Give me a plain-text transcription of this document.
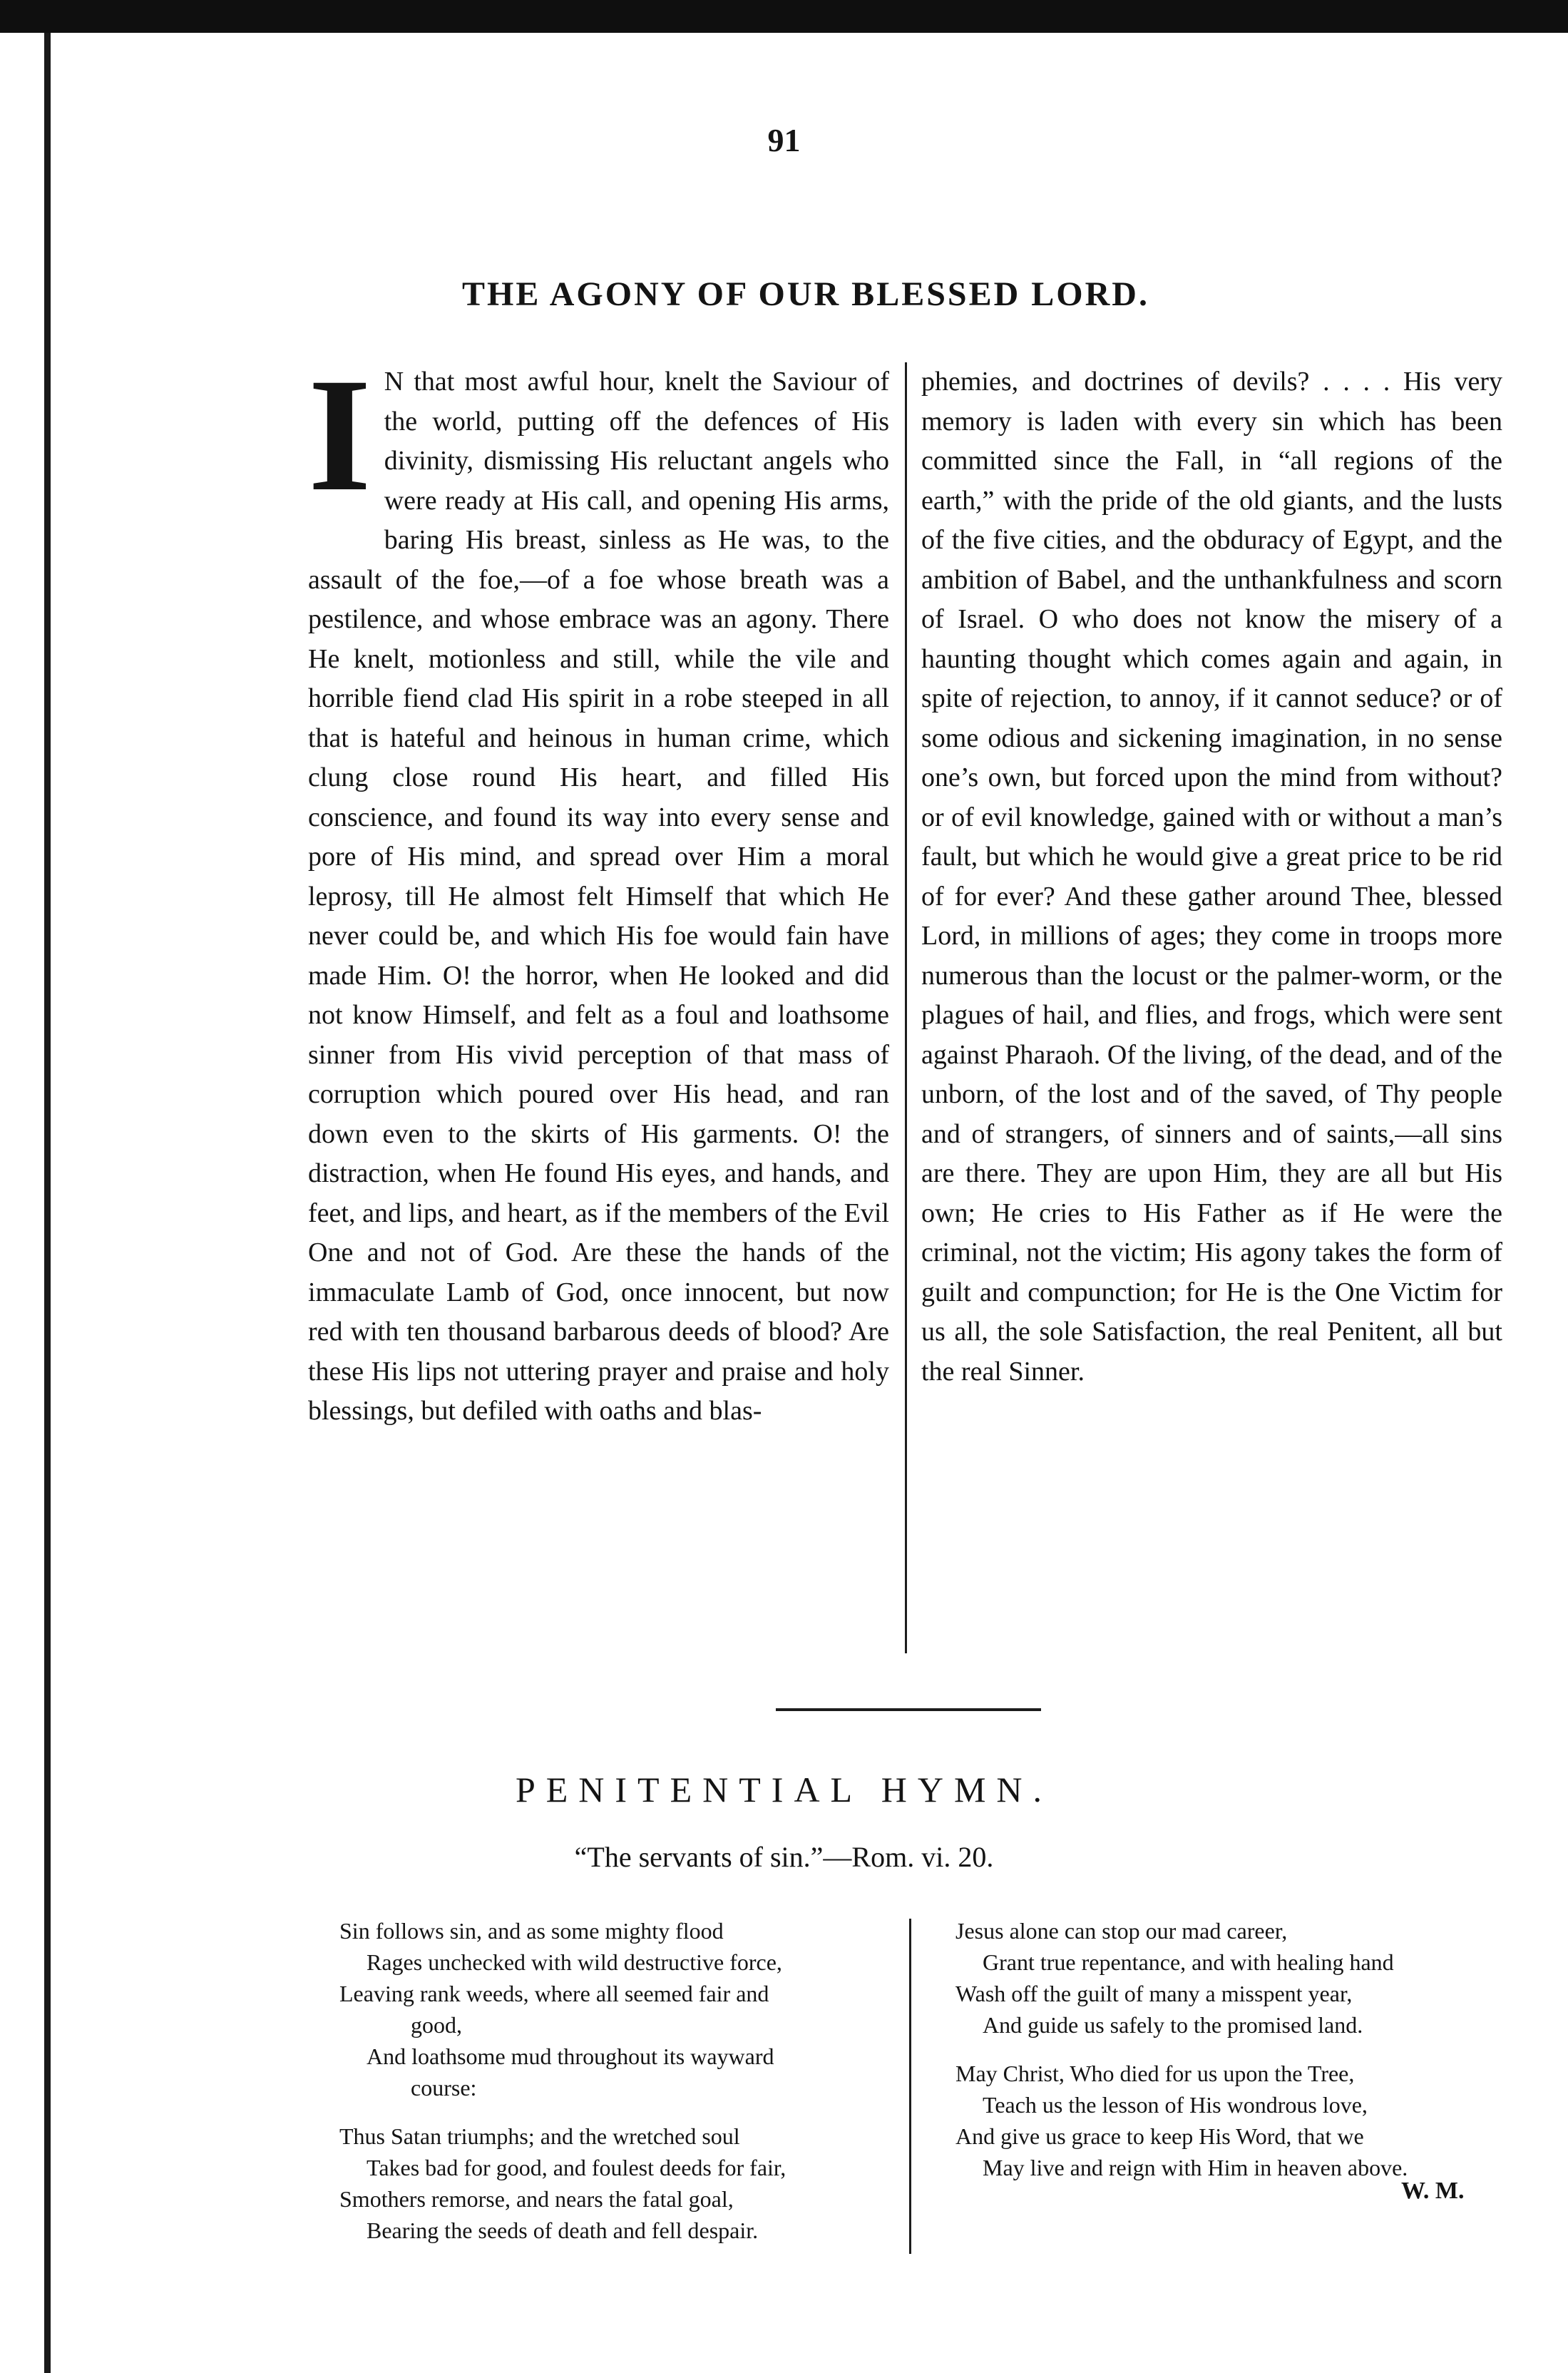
91
THE AGONY OF OUR BLESSED LORD.

I N that most awful hour, knelt the Saviour of the world, putting off the defences of His divinity, dismissing His reluctant angels who were ready at His call, and opening His arms, baring His breast, sinless as He was, to the assault of the foe,—of a foe whose breath was a pestilence, and whose embrace was an agony. There He knelt, motionless and still, while the vile and horrible fiend clad His spirit in a robe steeped in all that is hateful and heinous in human crime, which clung close round His heart, and filled His conscience, and found its way into every sense and pore of His mind, and spread over Him a moral leprosy, till He almost felt Himself that which He never could be, and which His foe would fain have made Him. O! the horror, when He looked and did not know Himself, and felt as a foul and loathsome sinner from His vivid perception of that mass of corruption which poured over His head, and ran down even to the skirts of His garments. O! the distraction, when He found His eyes, and hands, and feet, and lips, and heart, as if the members of the Evil One and not of God. Are these the hands of the immaculate Lamb of God, once innocent, but now red with ten thousand barbarous deeds of blood? Are these His lips not uttering prayer and praise and holy blessings, but defiled with oaths and blas-

phemies, and doctrines of devils? . . . . His very memory is laden with every sin which has been committed since the Fall, in “all regions of the earth,” with the pride of the old giants, and the lusts of the five cities, and the obduracy of Egypt, and the ambition of Babel, and the unthankfulness and scorn of Israel. O who does not know the misery of a haunting thought which comes again and again, in spite of rejection, to annoy, if it cannot seduce? or of some odious and sickening imagination, in no sense one’s own, but forced upon the mind from without? or of evil knowledge, gained with or without a man’s fault, but which he would give a great price to be rid of for ever? And these gather around Thee, blessed Lord, in millions of ages; they come in troops more numerous than the locust or the palmer-worm, or the plagues of hail, and flies, and frogs, which were sent against Pharaoh. Of the living, of the dead, and of the unborn, of the lost and of the saved, of Thy people and of strangers, of sinners and of saints,—all sins are there. They are upon Him, they are all but His own; He cries to His Father as if He were the criminal, not the victim; His agony takes the form of guilt and compunction; for He is the One Victim for us all, the sole Satisfaction, the real Penitent, all but the real Sinner.

PENITENTIAL HYMN.
“The servants of sin.”—Rom. vi. 20.
Sin follows sin, and as some mighty flood
Rages unchecked with wild destructive force,
Leaving rank weeds, where all seemed fair and
good,
And loathsome mud throughout its wayward
course:
Thus Satan triumphs; and the wretched soul
Takes bad for good, and foulest deeds for fair,
Smothers remorse, and nears the fatal goal,
Bearing the seeds of death and fell despair.
Jesus alone can stop our mad career,
Grant true repentance, and with healing hand
Wash off the guilt of many a misspent year,
And guide us safely to the promised land.
May Christ, Who died for us upon the Tree,
Teach us the lesson of His wondrous love,
And give us grace to keep His Word, that we
May live and reign with Him in heaven above.
W. M.
